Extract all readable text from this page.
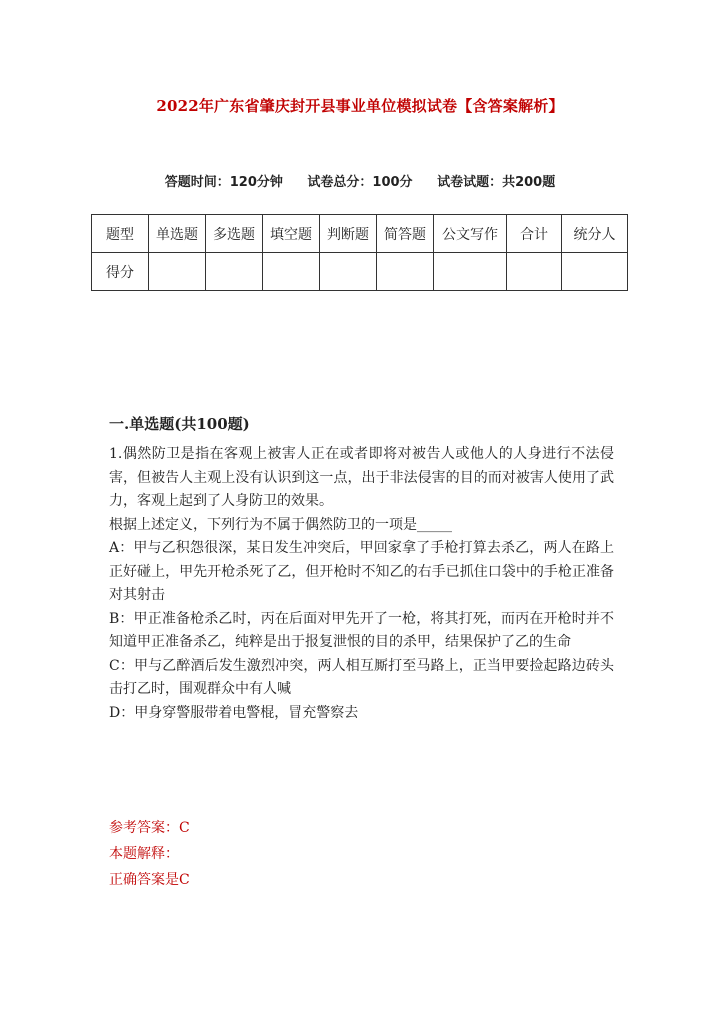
2022年广东省肇庆封开县事业单位模拟试卷【含答案解析】
答题时间：120分钟 试卷总分：100分 试卷试题：共200题
题型	单选题	多选题	填空题	判断题	简答题	公文写作	合计	统分人
得分								
一.单选题(共100题)

1.偶然防卫是指在客观上被害人正在或者即将对被告人或他人的人身进行不法侵害，但被告人主观上没有认识到这一点，出于非法侵害的目的而对被害人使用了武力，客观上起到了人身防卫的效果。

根据上述定义，下列行为不属于偶然防卫的一项是_____

A：甲与乙积怨很深，某日发生冲突后，甲回家拿了手枪打算去杀乙，两人在路上正好碰上，甲先开枪杀死了乙，但开枪时不知乙的右手已抓住口袋中的手枪正准备对其射击

B：甲正准备枪杀乙时，丙在后面对甲先开了一枪，将其打死，而丙在开枪时并不知道甲正准备杀乙，纯粹是出于报复泄恨的目的杀甲，结果保护了乙的生命

C：甲与乙醉酒后发生激烈冲突，两人相互厮打至马路上，正当甲要捡起路边砖头击打乙时，围观群众中有人喊

D：甲身穿警服带着电警棍，冒充警察去

参考答案：C
本题解释：
正确答案是C
